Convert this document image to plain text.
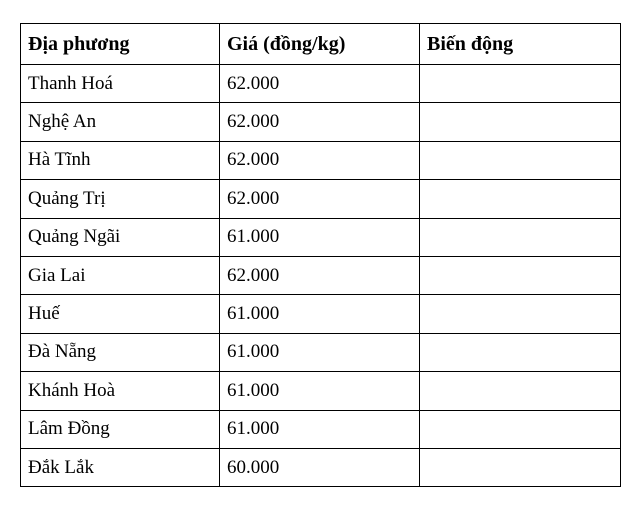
Địa phương	Giá (đồng/kg)	Biến động
Thanh Hoá	62.000	
Nghệ An	62.000	
Hà Tĩnh	62.000	
Quảng Trị	62.000	
Quảng Ngãi	61.000	
Gia Lai	62.000	
Huế	61.000	
Đà Nẵng	61.000	
Khánh Hoà	61.000	
Lâm Đồng	61.000	
Đắk Lắk	60.000	
